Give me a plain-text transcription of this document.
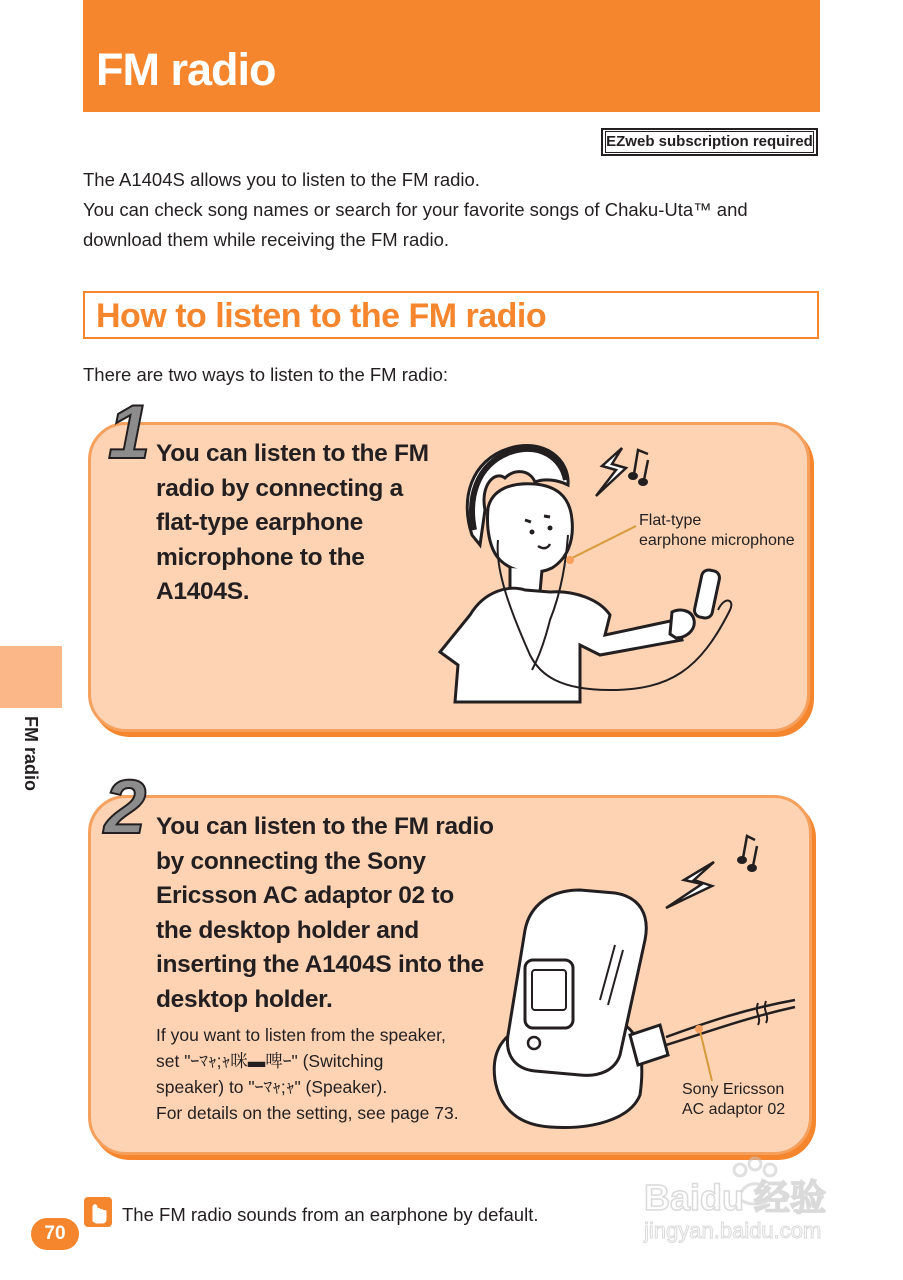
FM radio
EZweb subscription required

The A1404S allows you to listen to the FM radio.

You can check song names or search for your favorite songs of Chaku-Uta™ and download them while receiving the FM radio.

How to listen to the FM radio
There are two ways to listen to the FM radio:
1 You can listen to the FM radio by connecting a flat-type earphone microphone to the A1404S.

Flat-type

earphone microphone

2 You can listen to the FM radio by connecting the Sony Ericsson AC adaptor 02 to the desktop holder and inserting the A1404S into the desktop holder.

If you want to listen from the speaker,

set "ｰﾏｬ;ｬ咪▬啤ｰ" (Switching

speaker) to "ｰﾏｬ;ｬ" (Speaker).

For details on the setting, see page 73.

Sony Ericsson

AC adaptor 02

FM radio
The FM radio sounds from an earphone by default.
70
Baidu 经验
jingyan.baidu.com
